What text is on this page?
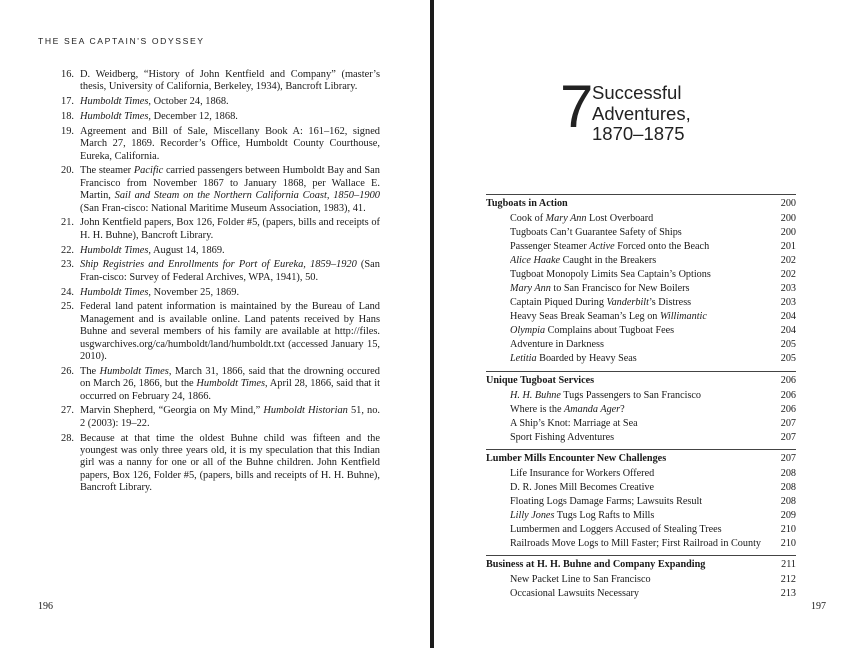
THE SEA CAPTAIN'S ODYSSEY
16 . D. Weidberg, “History of John Kentfield and Company” (master’s thesis, University of California, Berkeley, 1934), Bancroft Library.
17 . Humboldt Times, October 24, 1868.
18 . Humboldt Times, December 12, 1868.
19 . Agreement and Bill of Sale, Miscellany Book A: 161–162, signed March 27, 1869. Recorder’s Office, Humboldt County Courthouse, Eureka, California.
20 . The steamer Pacific carried passengers between Humboldt Bay and San Francisco from November 1867 to January 1868, per Wallace E. Martin, Sail and Steam on the Northern California Coast, 1850–1900 (San Fran-cisco: National Maritime Museum Association, 1983), 41.
21 . John Kentfield papers, Box 126, Folder #5, (papers, bills and receipts of H. H. Buhne), Bancroft Library.
22 . Humboldt Times, August 14, 1869.
23 . Ship Registries and Enrollments for Port of Eureka, 1859–1920 (San Fran-cisco: Survey of Federal Archives, WPA, 1941), 50.
24 . Humboldt Times, November 25, 1869.
25 . Federal land patent information is maintained by the Bureau of Land Management and is available online. Land patents received by Hans Buhne and several members of his family are available at http://files. usgwarchives.org/ca/humboldt/land/humboldt.txt (accessed January 15, 2010).
26 . The Humboldt Times, March 31, 1866, said that the drowning occured on March 26, 1866, but the Humboldt Times, April 28, 1866, said that it occurred on February 24, 1866.
27 . Marvin Shepherd, “Georgia on My Mind,” Humboldt Historian 51, no. 2 (2003): 19–22.
28 . Because at that time the oldest Buhne child was fifteen and the youngest was only three years old, it is my speculation that this Indian girl was a nanny for one or all of the Buhne children. John Kentfield papers, Box 126, Folder #5, (papers, bills and receipts of H. H. Buhne), Bancroft Library.
196
7
Successful
Adventures,
1870–1875
Tugboats in Action	200
Cook of Mary Ann Lost Overboard	200
Tugboats Can’t Guarantee Safety of Ships	200
Passenger Steamer Active Forced onto the Beach	201
Alice Haake Caught in the Breakers	202
Tugboat Monopoly Limits Sea Captain’s Options	202
Mary Ann to San Francisco for New Boilers	203
Captain Piqued During Vanderbilt’s Distress	203
Heavy Seas Break Seaman’s Leg on Willimantic	204
Olympia Complains about Tugboat Fees	204
Adventure in Darkness	205
Letitia Boarded by Heavy Seas	205
Unique Tugboat Services	206
H. H. Buhne Tugs Passengers to San Francisco	206
Where is the Amanda Ager?	206
A Ship’s Knot: Marriage at Sea	207
Sport Fishing Adventures	207
Lumber Mills Encounter New Challenges	207
Life Insurance for Workers Offered	208
D. R. Jones Mill Becomes Creative	208
Floating Logs Damage Farms; Lawsuits Result	208
Lilly Jones Tugs Log Rafts to Mills	209
Lumbermen and Loggers Accused of Stealing Trees	210
Railroads Move Logs to Mill Faster; First Railroad in County	210
Business at H. H. Buhne and Company Expanding	211
New Packet Line to San Francisco	212
Occasional Lawsuits Necessary	213
197
